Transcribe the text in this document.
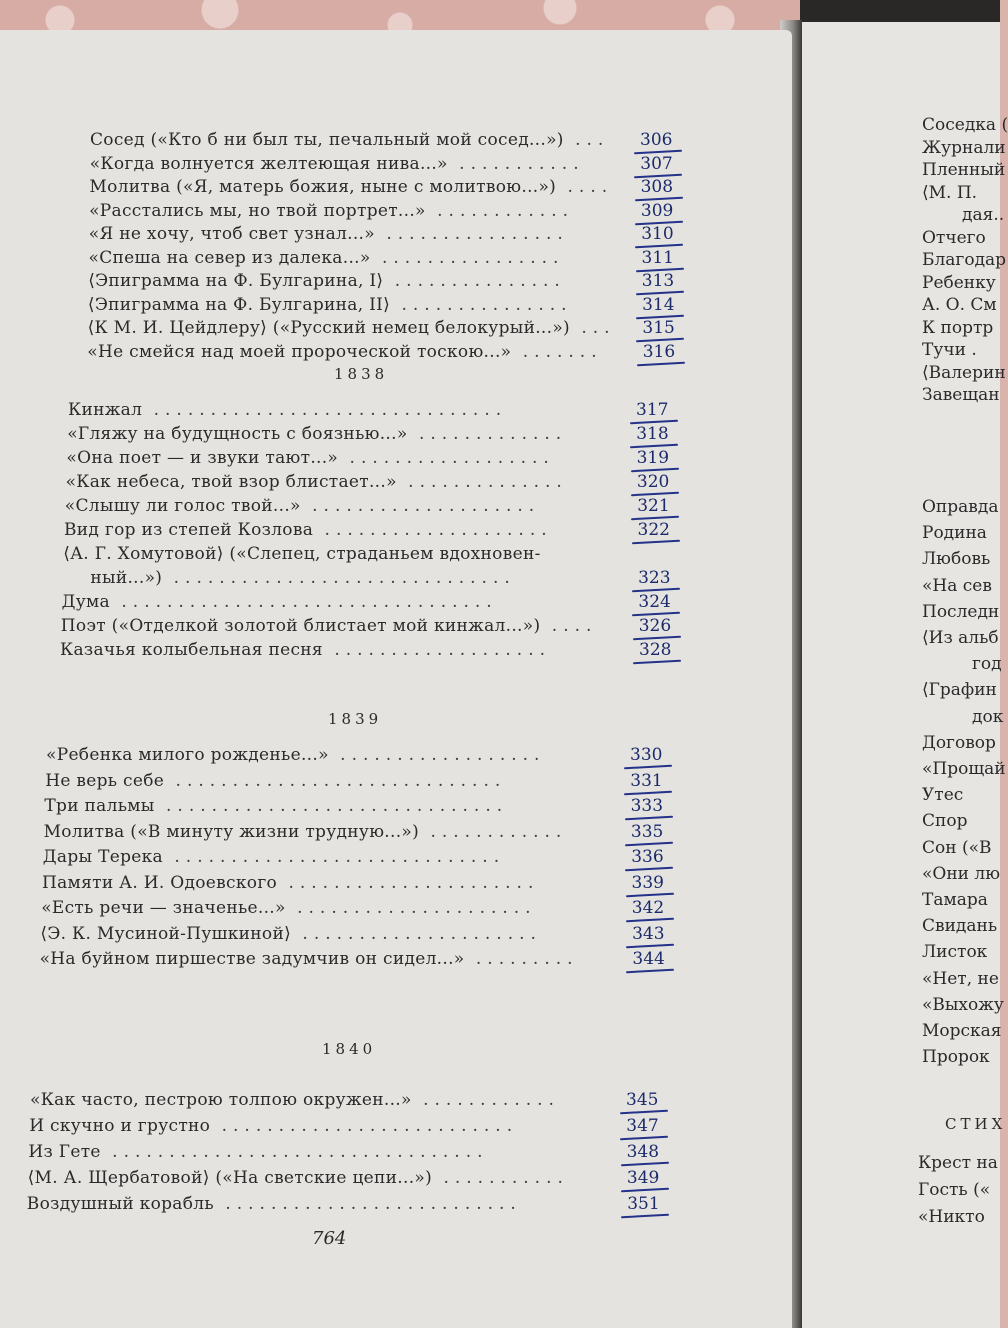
Сосед («Кто б ни был ты, печальный мой сосед...») ... 306
«Когда волнуется желтеющая нива...» ...........	307
Молитва («Я, матерь божия, ныне с молитвою...») .... 308
«Расстались мы, но твой портрет...» ............	309
«Я не хочу, чтоб свет узнал...» ................	310
«Спеша на север из далека...» ................	311
⟨Эпиграмма на Ф. Булгарина, I⟩ ...............	313
⟨Эпиграмма на Ф. Булгарина, II⟩ ...............	314
⟨К М. И. Цейдлеру⟩ («Русский немец белокурый...») ... 315
«Не смейся над моей пророческой тоскою...» ....... 316
1838
Кинжал ...............................	317
«Гляжу на будущность с боязнью...» .............	318
«Она поет — и звуки тают...» ..................	319
«Как небеса, твой взор блистает...» ..............	320
«Слышу ли голос твой...» ....................	321
Вид гор из степей Козлова ....................	322
⟨А. Г. Хомутовой⟩ («Слепец, страданьем вдохновен-
ный...») ..............................	323
Дума .................................	324
Поэт («Отделкой золотой блистает мой кинжал...») .... 326
Казачья колыбельная песня ...................	328
1839
«Ребенка милого рожденье...» ..................	330
Не верь себе .............................	331
Три пальмы ..............................	333
Молитва («В минуту жизни трудную...») ............	335
Дары Терека .............................	336
Памяти А. И. Одоевского ......................	339
«Есть речи — значенье...» .....................	342
⟨Э. К. Мусиной-Пушкиной⟩ .....................	343
«На буйном пиршестве задумчив он сидел...» .........	344
1840
«Как часто, пестрою толпою окружен...» ............	345
И скучно и грустно ..........................	347
Из Гете .................................	348
⟨М. А. Щербатовой⟩ («На светские цепи...») ...........	349
Воздушный корабль ..........................	351
764
Соседка (
Журнали
Пленный
⟨М. П.
дая..
Отчего
Благодар
Ребенку
А. О. См
К портр
Тучи .
⟨Валерин
Завещан
Оправда
Родина
Любовь
«На сев
Последн
⟨Из альб
год
⟨Графин
док
Договор
«Прощай
Утес
Спор
Сон («В
«Они лю
Тамара
Свидань
Листок
«Нет, не
«Выхожу
Морская
Пророк
СТИХ
Крест на
Гость («
«Никто
